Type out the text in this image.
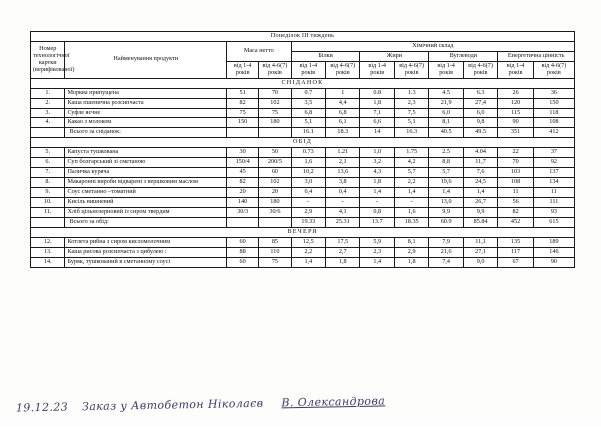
Понеділок III тиждень											
Номер технологічної картки (верифікованої)	Найменування продукти	Маса нетто		Хімічний склад							
				Білки		Жири		Вуглеводи		Енергетична цінність	
		від 1-4 років	від 4-6(7) років	від 1-4 років	від 4-6(7) років	від 1-4 років	від 4-6(7) років	від 1-4 років	від 4-6(7) років	від 1-4 років	від 4-6(7) років
СНІДАНОК											
1.	Морква припущена	51	70	0.7	1	0.8	1.3	4.5	6.3	26	36
2.	Каша пшенична розсипчаста	82	102	3,5	4,4	1,8	2,3	21,9	27,4	120	150
3.	Суфле яєчне	75	75	6,8	6,8	7,1	7,5	6,0	6,0	115	118
4.	Какао з молоком	150	180	5,1	6,1	6,6	5,1	8,1	9,8	90	108
	Всього за сніданок:			16.1	18.3	14	16.3	40.5	49.5	351	412
ОБІД											
5.	Капуста тушкована	30	50	0.73	1.21	1,0	1.75	2.5	4.04	22	37
6.	Суп болгарський зі сметаною	150/4	200/5	1,6	2,1	3,2	4,2	8,8	11,7	70	92
7.	Паличка куряча	45	60	10,2	13,6	4,3	5,7	5,7	7,6	103	137
8.	Макаронні вироби відварені з вершковим маслом	82	102	3,0	3,8	1,8	2,2	19,6	24,5	108	134
9.	Соус сметанно –томатний	20	20	0,4	0,4	1,4	1,4	1,4	1,4	11	11
10.	Кисіль вишневий	140	180	-	-	-	-	13,0	26,7	56	111
11.	Хліб цільнозерновий із сиром твердим	30/3	30/6	2,9	4,1	0,8	1,6	9,9	9,9	82	93
	Всього за обід:			19.33	25.31	13.7	18.35	60.9	85.84	452	615
ВЕЧЕРЯ											
12.	Котлета рибна з сиром кисломолочним	60	85	12,5	17,5	5,9	8,1	7,9	11,1	135	189
13.	Каша рисова розсипчаста з цибулею :	88	110	2,2	2,7	2,3	2,9	21,6	27,1	117	146
14.	Буряк, тушкований в сметанному соусі	60	75	1,4	1,8	1,4	1,8	7,4	9,0	67	90
19.12.23 Заказ у Автобетон Ніколаєв В. Олександрова
